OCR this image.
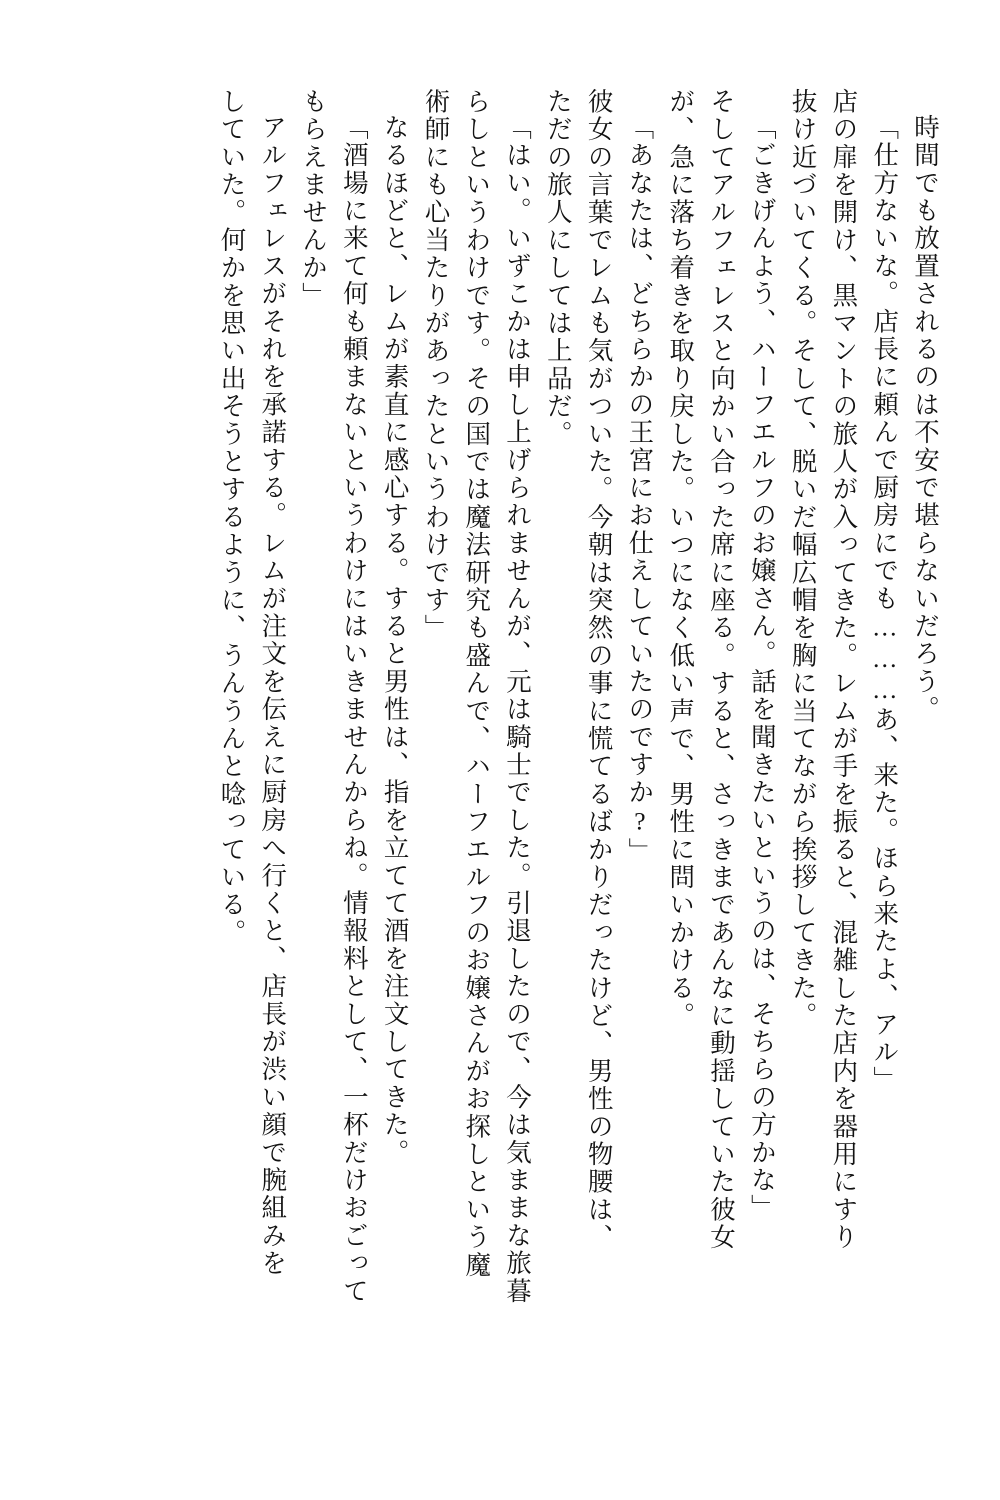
時間でも放置されるのは不安で堪らないだろう。
「仕方ないな。店長に頼んで厨房にでも………あ、来た。ほら来たよ、アル」
店の扉を開け、黒マントの旅人が入ってきた。レムが手を振ると、混雑した店内を器用にすり
抜け近づいてくる。そして、脱いだ幅広帽を胸に当てながら挨拶してきた。
「ごきげんよう、ハーフエルフのお嬢さん。話を聞きたいというのは、そちらの方かな」
そしてアルフェレスと向かい合った席に座る。すると、さっきまであんなに動揺していた彼女
が、急に落ち着きを取り戻した。いつになく低い声で、男性に問いかける。
「あなたは、どちらかの王宮にお仕えしていたのですか?」
彼女の言葉でレムも気がついた。今朝は突然の事に慌てるばかりだったけど、男性の物腰は、
ただの旅人にしては上品だ。
「はい。いずこかは申し上げられませんが、元は騎士でした。引退したので、今は気ままな旅暮
らしというわけです。その国では魔法研究も盛んで、ハーフエルフのお嬢さんがお探しという魔
術師にも心当たりがあったというわけです」
なるほどと、レムが素直に感心する。すると男性は、指を立てて酒を注文してきた。
「酒場に来て何も頼まないというわけにはいきませんからね。情報料として、一杯だけおごって
もらえませんか」
アルフェレスがそれを承諾する。レムが注文を伝えに厨房へ行くと、店長が渋い顔で腕組みを
していた。何かを思い出そうとするように、うんうんと唸っている。
